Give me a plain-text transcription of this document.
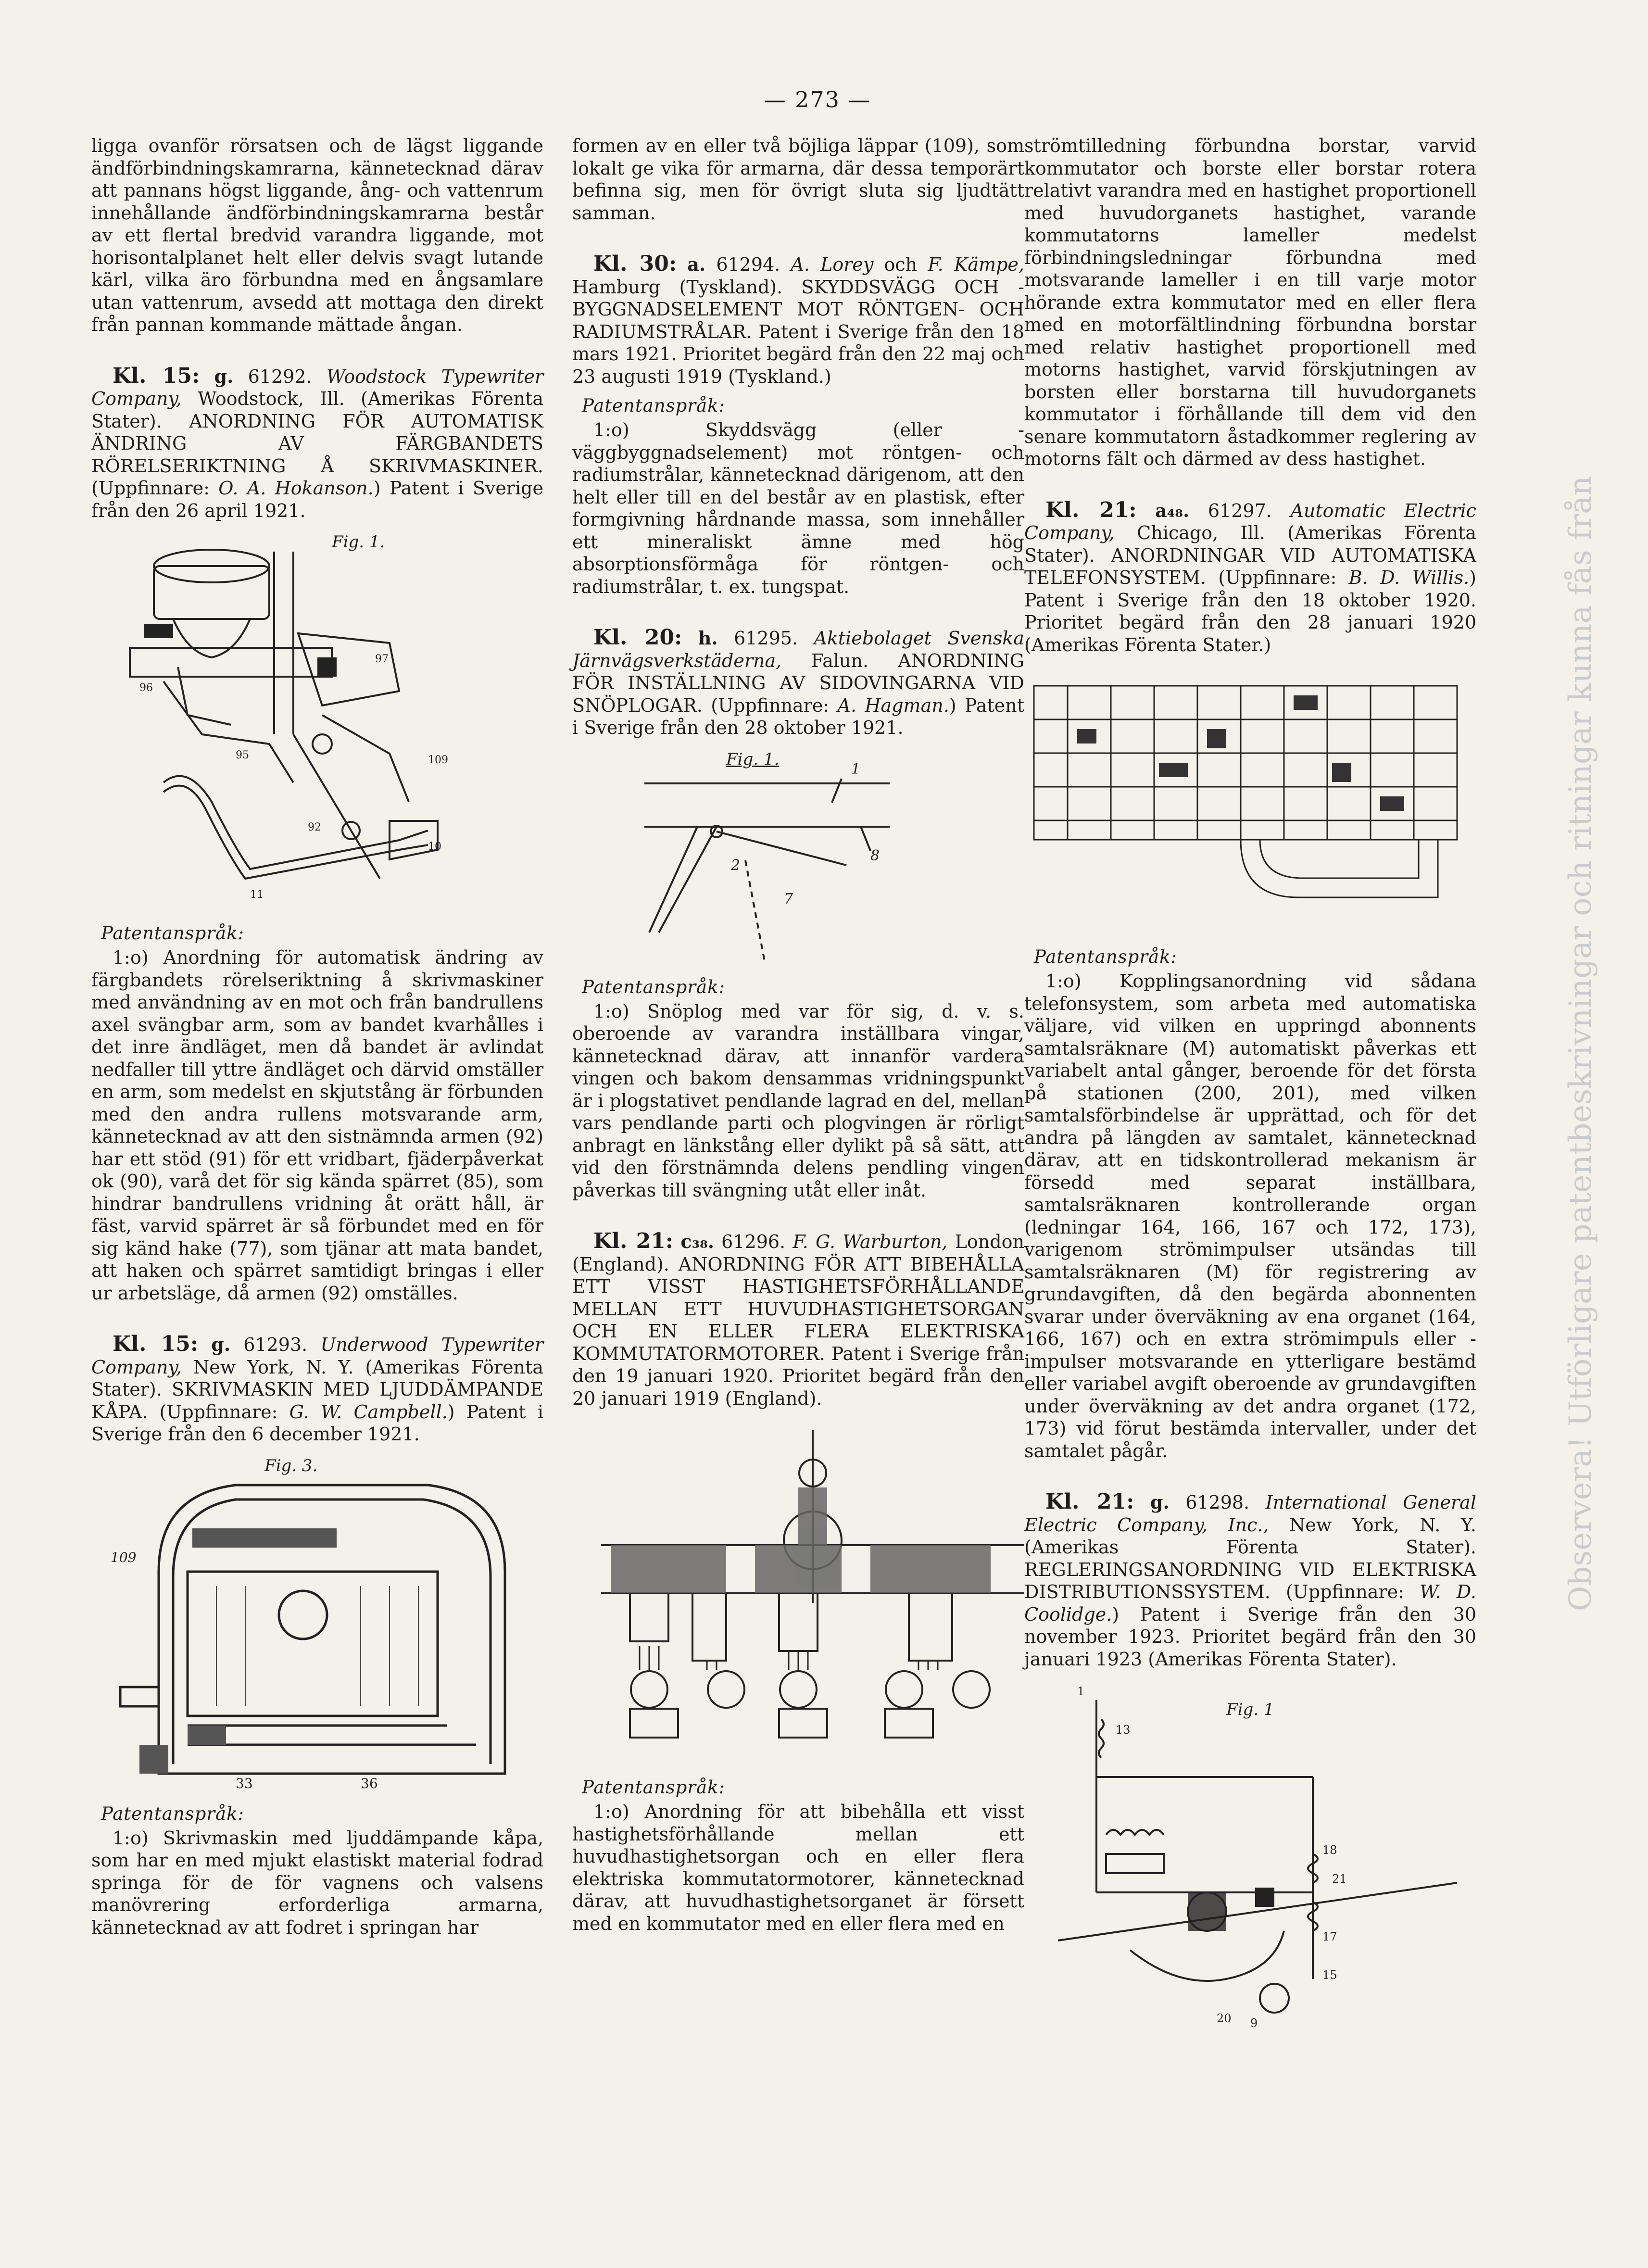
— 273 —

ligga ovanför rörsatsen och de lägst liggande ändförbindningskamrarna, kännetecknad därav att pannans högst liggande, ång- och vattenrum innehållande ändförbindningskamrarna består av ett flertal bredvid varandra liggande, mot horisontalplanet helt eller delvis svagt lutande kärl, vilka äro förbundna med en ångsamlare utan vattenrum, avsedd att mottaga den direkt från pannan kommande mättade ångan.

Kl. 15: g. 61292. Woodstock Typewriter Company, Woodstock, Ill. (Amerikas Förenta Stater). ANORDNING FÖR AUTOMATISK ÄNDRING AV FÄRGBANDETS RÖRELSERIKTNING Å SKRIVMASKINER. (Uppfinnare: O. A. Hokanson.) Patent i Sverige från den 26 april 1921.

Fig. 1.
97
96
109
95
92
11
10
Patentanspråk:

1:o) Anordning för automatisk ändring av färgbandets rörelseriktning å skrivmaskiner med användning av en mot och från bandrullens axel svängbar arm, som av bandet kvarhålles i det inre ändläget, men då bandet är avlindat nedfaller till yttre ändläget och därvid omställer en arm, som medelst en skjutstång är förbunden med den andra rullens motsvarande arm, kännetecknad av att den sistnämnda armen (92) har ett stöd (91) för ett vridbart, fjäderpåverkat ok (90), varå det för sig kända spärret (85), som hindrar bandrullens vridning åt orätt håll, är fäst, varvid spärret är så förbundet med en för sig känd hake (77), som tjänar att mata bandet, att haken och spärret samtidigt bringas i eller ur arbetsläge, då armen (92) omställes.

Kl. 15: g. 61293. Underwood Typewriter Company, New York, N. Y. (Amerikas Förenta Stater). SKRIVMASKIN MED LJUDDÄMPANDE KÅPA. (Uppfinnare: G. W. Campbell.) Patent i Sverige från den 6 december 1921.

Fig. 3.
109
33	36
Patentanspråk:

1:o) Skrivmaskin med ljuddämpande kåpa, som har en med mjukt elastiskt material fodrad springa för de för vagnens och valsens manövrering erforderliga armarna, kännetecknad av att fodret i springan har

formen av en eller två böjliga läppar (109), som lokalt ge vika för armarna, där dessa temporärt befinna sig, men för övrigt sluta sig ljudtätt samman.

Kl. 30: a. 61294. A. Lorey och F. Kämpe, Hamburg (Tyskland). SKYDDSVÄGG OCH -BYGGNADSELEMENT MOT RÖNTGEN- OCH RADIUMSTRÅLAR. Patent i Sverige från den 18 mars 1921. Prioritet begärd från den 22 maj och 23 augusti 1919 (Tyskland.)

Patentanspråk:

1:o) Skyddsvägg (eller -väggbyggnadselement) mot röntgen- och radiumstrålar, kännetecknad därigenom, att den helt eller till en del består av en plastisk, efter formgivning hårdnande massa, som innehåller ett mineraliskt ämne med hög absorptionsförmåga för röntgen- och radiumstrålar, t. ex. tungspat.

Kl. 20: h. 61295. Aktiebolaget Svenska Järnvägsverkstäderna, Falun. ANORDNING FÖR INSTÄLLNING AV SIDOVINGARNA VID SNÖPLOGAR. (Uppfinnare: A. Hagman.) Patent i Sverige från den 28 oktober 1921.

Fig. 1.
1
8
2
7
Patentanspråk:

1:o) Snöplog med var för sig, d. v. s. oberoende av varandra inställbara vingar, kännetecknad därav, att innanför vardera vingen och bakom densammas vridningspunkt är i plogstativet pendlande lagrad en del, mellan vars pendlande parti och plogvingen är rörligt anbragt en länkstång eller dylikt på så sätt, att vid den förstnämnda delens pendling vingen påverkas till svängning utåt eller inåt.

Kl. 21: c₃₈. 61296. F. G. Warburton, London (England). ANORDNING FÖR ATT BIBEHÅLLA ETT VISST HASTIGHETSFÖRHÅLLANDE MELLAN ETT HUVUDHASTIGHETSORGAN OCH EN ELLER FLERA ELEKTRISKA KOMMUTATORMOTORER. Patent i Sverige från den 19 januari 1920. Prioritet begärd från den 20 januari 1919 (England).

Patentanspråk:

1:o) Anordning för att bibehålla ett visst hastighetsförhållande mellan ett huvudhastighetsorgan och en eller flera elektriska kommutatormotorer, kännetecknad därav, att huvudhastighetsorganet är försett med en kommutator med en eller flera med en

strömtilledning förbundna borstar, varvid kommutator och borste eller borstar rotera relativt varandra med en hastighet proportionell med huvudorganets hastighet, varande kommutatorns lameller medelst förbindningsledningar förbundna med motsvarande lameller i en till varje motor hörande extra kommutator med en eller flera med en motorfältlindning förbundna borstar med relativ hastighet proportionell med motorns hastighet, varvid förskjutningen av borsten eller borstarna till huvudorganets kommutator i förhållande till dem vid den senare kommutatorn åstadkommer reglering av motorns fält och därmed av dess hastighet.

Kl. 21: a₄₈. 61297. Automatic Electric Company, Chicago, Ill. (Amerikas Förenta Stater). ANORDNINGAR VID AUTOMATISKA TELEFONSYSTEM. (Uppfinnare: B. D. Willis.) Patent i Sverige från den 18 oktober 1920. Prioritet begärd från den 28 januari 1920 (Amerikas Förenta Stater.)

Patentanspråk:

1:o) Kopplingsanordning vid sådana telefonsystem, som arbeta med automatiska väljare, vid vilken en uppringd abonnents samtalsräknare (M) automatiskt påverkas ett variabelt antal gånger, beroende för det första på stationen (200, 201), med vilken samtalsförbindelse är upprättad, och för det andra på längden av samtalet, kännetecknad därav, att en tidskontrollerad mekanism är försedd med separat inställbara, samtalsräknaren kontrollerande organ (ledningar 164, 166, 167 och 172, 173), varigenom strömimpulser utsändas till samtalsräknaren (M) för registrering av grundavgiften, då den begärda abonnenten svarar under överväkning av ena organet (164, 166, 167) och en extra strömimpuls eller -impulser motsvarande en ytterligare bestämd eller variabel avgift oberoende av grundavgiften under överväkning av det andra organet (172, 173) vid förut bestämda intervaller, under det samtalet pågår.

Kl. 21: g. 61298. International General Electric Company, Inc., New York, N. Y. (Amerikas Förenta Stater). REGLERINGSANORDNING VID ELEKTRISKA DISTRIBUTIONSSYSTEM. (Uppfinnare: W. D. Coolidge.) Patent i Sverige från den 30 november 1923. Prioritet begärd från den 30 januari 1923 (Amerikas Förenta Stater).

Fig. 1
1
13
18
21
17
15
9
20
Observera! Utförligare patentbeskrivningar och ritningar kunna fås från
